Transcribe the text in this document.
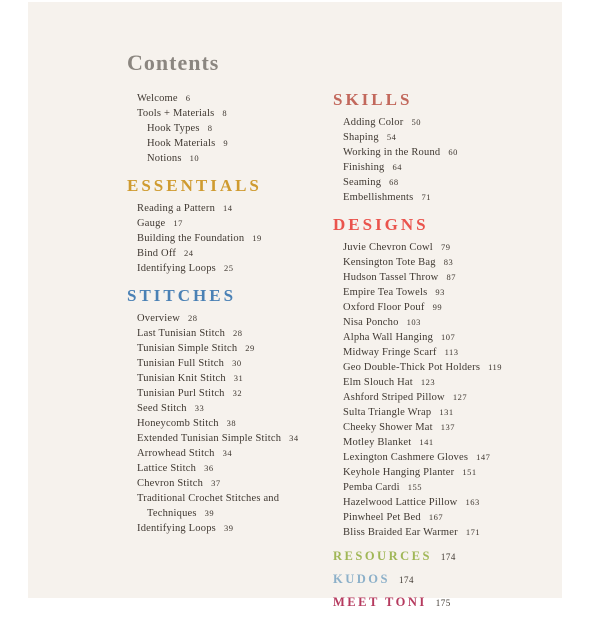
Contents
Welcome 6
Tools + Materials 8
Hook Types 8
Hook Materials 9
Notions 10
ESSENTIALS
Reading a Pattern 14
Gauge 17
Building the Foundation 19
Bind Off 24
Identifying Loops 25
STITCHES
Overview 28
Last Tunisian Stitch 28
Tunisian Simple Stitch 29
Tunisian Full Stitch 30
Tunisian Knit Stitch 31
Tunisian Purl Stitch 32
Seed Stitch 33
Honeycomb Stitch 38
Extended Tunisian Simple Stitch 34
Arrowhead Stitch 34
Lattice Stitch 36
Chevron Stitch 37
Traditional Crochet Stitches and
Techniques 39
Identifying Loops 39
SKILLS
Adding Color 50
Shaping 54
Working in the Round 60
Finishing 64
Seaming 68
Embellishments 71
DESIGNS
Juvie Chevron Cowl 79
Kensington Tote Bag 83
Hudson Tassel Throw 87
Empire Tea Towels 93
Oxford Floor Pouf 99
Nisa Poncho 103
Alpha Wall Hanging 107
Midway Fringe Scarf 113
Geo Double-Thick Pot Holders 119
Elm Slouch Hat 123
Ashford Striped Pillow 127
Sulta Triangle Wrap 131
Cheeky Shower Mat 137
Motley Blanket 141
Lexington Cashmere Gloves 147
Keyhole Hanging Planter 151
Pemba Cardi 155
Hazelwood Lattice Pillow 163
Pinwheel Pet Bed 167
Bliss Braided Ear Warmer 171
RESOURCES 174
KUDOS 174
MEET TONI 175
